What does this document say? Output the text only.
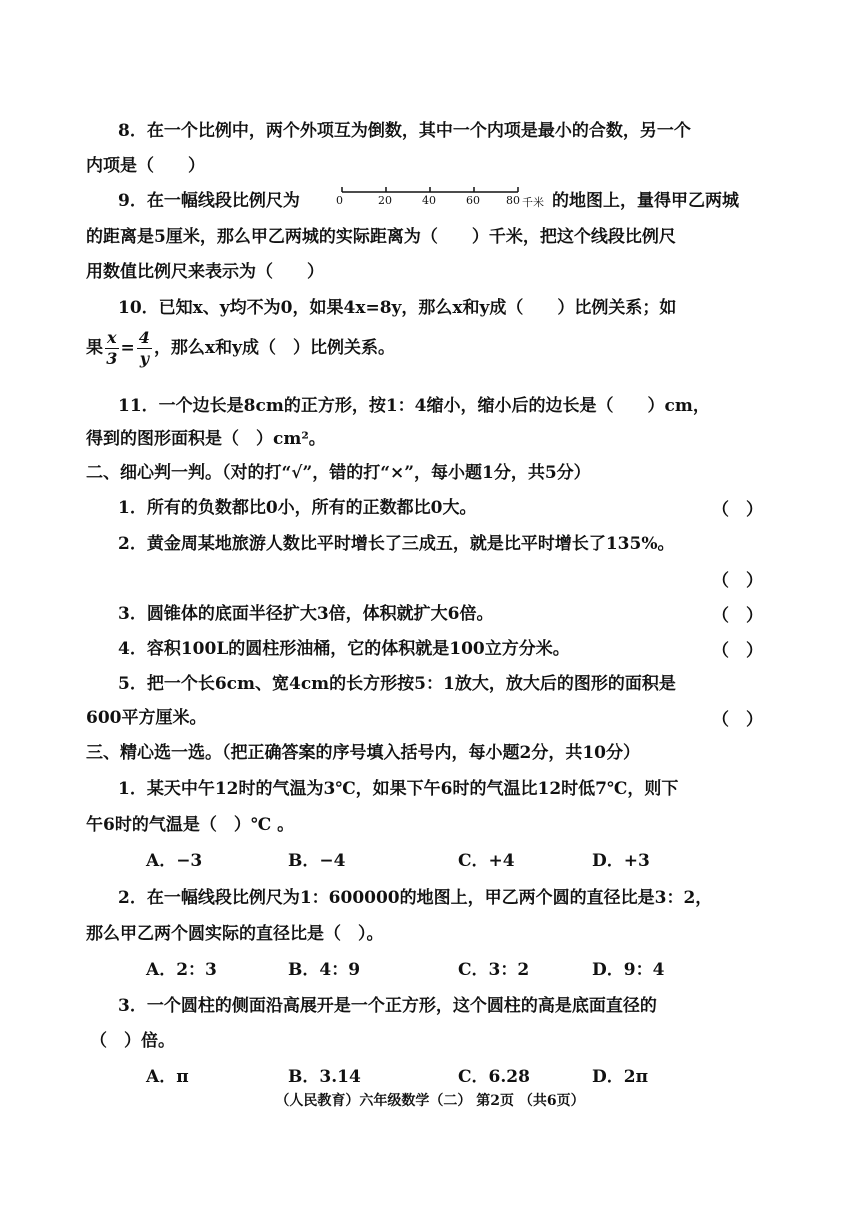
8．在一个比例中，两个外项互为倒数，其中一个内项是最小的合数，另一个
内项是（　　）
9．在一幅线段比例尺为	0	20	40	60 80 千米 的地图上，量得甲乙两城
的距离是5厘米，那么甲乙两城的实际距离为（　　）千米，把这个线段比例尺
用数值比例尺来表示为（　　）
10．已知x、y均不为0，如果4x=8y，那么x和y成（　　）比例关系；如
果 $\frac{x}{3} = \frac{4}{y}$ ，那么x和y成（　）比例关系。
11．一个边长是8cm的正方形，按1：4缩小，缩小后的边长是（　　）cm，
得到的图形面积是（　）cm²。
二、细心判一判。（对的打“√”，错的打“×”，每小题1分，共5分）
1．所有的负数都比0小，所有的正数都比0大。	（　）
2．黄金周某地旅游人数比平时增长了三成五，就是比平时增长了135%。
（　）
3．圆锥体的底面半径扩大3倍，体积就扩大6倍。	（　）
4．容积100L的圆柱形油桶，它的体积就是100立方分米。	（　）
5．把一个长6cm、宽4cm的长方形按5：1放大，放大后的图形的面积是
600平方厘米。	（　）
三、精心选一选。（把正确答案的序号填入括号内，每小题2分，共10分）
1．某天中午12时的气温为3℃，如果下午6时的气温比12时低7℃，则下
午6时的气温是（　）℃ 。
A．−3	B．−4	C．+4	D．+3
2．在一幅线段比例尺为1：600000的地图上，甲乙两个圆的直径比是3：2，
那么甲乙两个圆实际的直径比是（　）。
A．2：3	B．4：9	C．3：2	D．9：4
3．一个圆柱的侧面沿高展开是一个正方形，这个圆柱的高是底面直径的
（　）倍。
A．π	B．3.14	C．6.28	D．2π
（人民教育）六年级数学（二） 第2页 （共6页）
